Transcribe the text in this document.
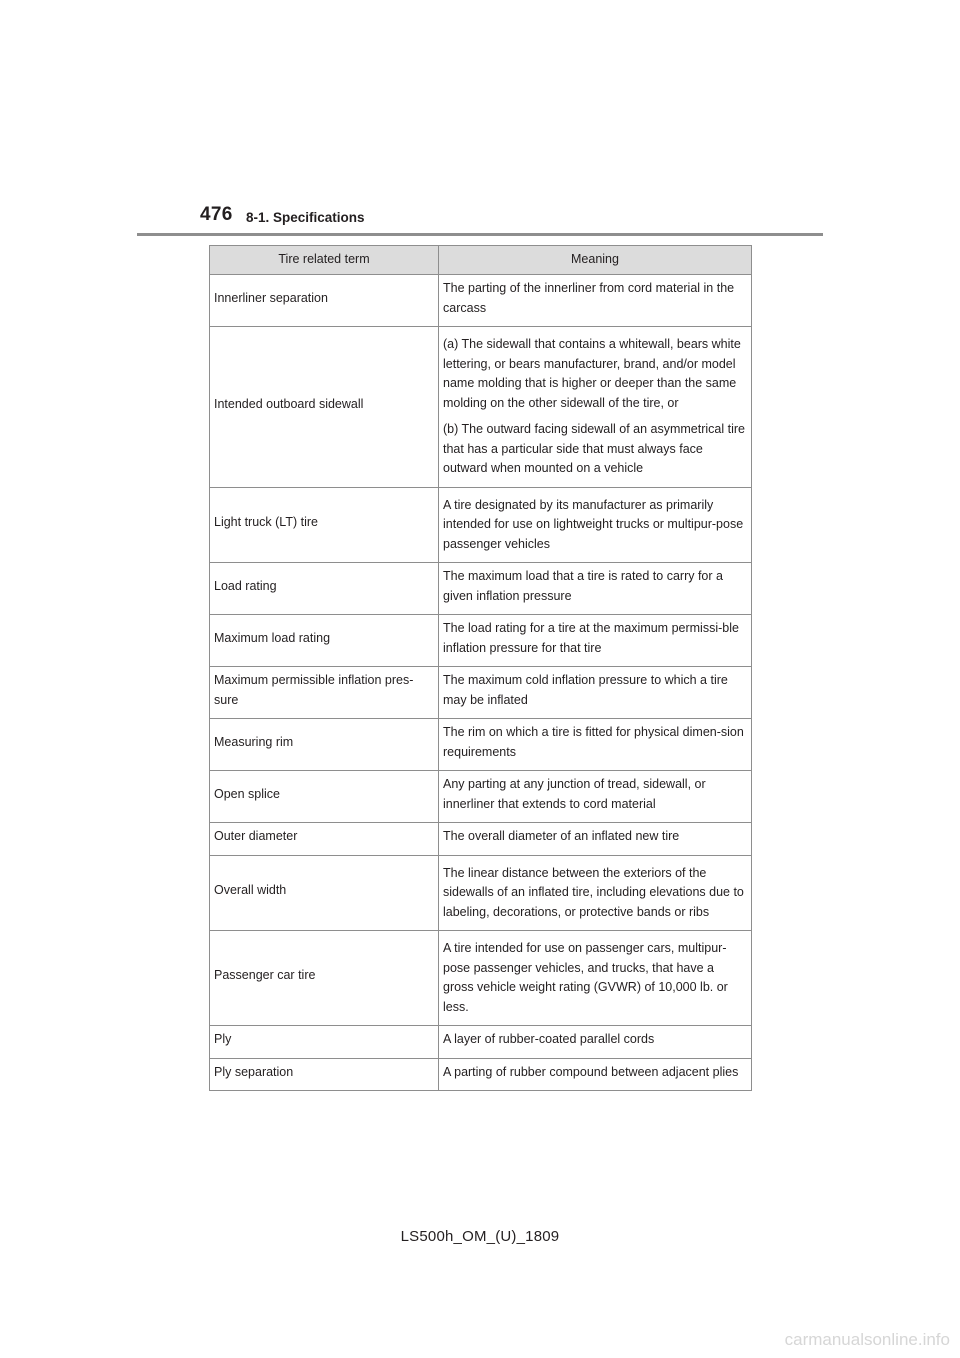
476 8-1. Specifications
Tire related term	Meaning
Innerliner separation	The parting of the innerliner from cord material in the carcass

Intended outboard sidewall	(a) The sidewall that contains a whitewall, bears white lettering, or bears manufacturer, brand, and/or model name molding that is higher or deeper than the same molding on the other sidewall of the tire, or

(b) The outward facing sidewall of an asymmetrical tire that has a particular side that must always face outward when mounted on a vehicle

Light truck (LT) tire	A tire designated by its manufacturer as primarily intended for use on lightweight trucks or multipur-pose passenger vehicles

Load rating	The maximum load that a tire is rated to carry for a given inflation pressure

Maximum load rating	The load rating for a tire at the maximum permissi-ble inflation pressure for that tire

Maximum permissible inflation pres-sure	The maximum cold inflation pressure to which a tire may be inflated

Measuring rim	The rim on which a tire is fitted for physical dimen-sion requirements

Open splice	Any parting at any junction of tread, sidewall, or innerliner that extends to cord material

Outer diameter	The overall diameter of an inflated new tire

Overall width	The linear distance between the exteriors of the sidewalls of an inflated tire, including elevations due to labeling, decorations, or protective bands or ribs

Passenger car tire	A tire intended for use on passenger cars, multipur-pose passenger vehicles, and trucks, that have a gross vehicle weight rating (GVWR) of 10,000 lb. or less.

Ply	A layer of rubber-coated parallel cords

Ply separation	A parting of rubber compound between adjacent plies

LS500h_OM_(U)_1809
carmanualsonline.info
